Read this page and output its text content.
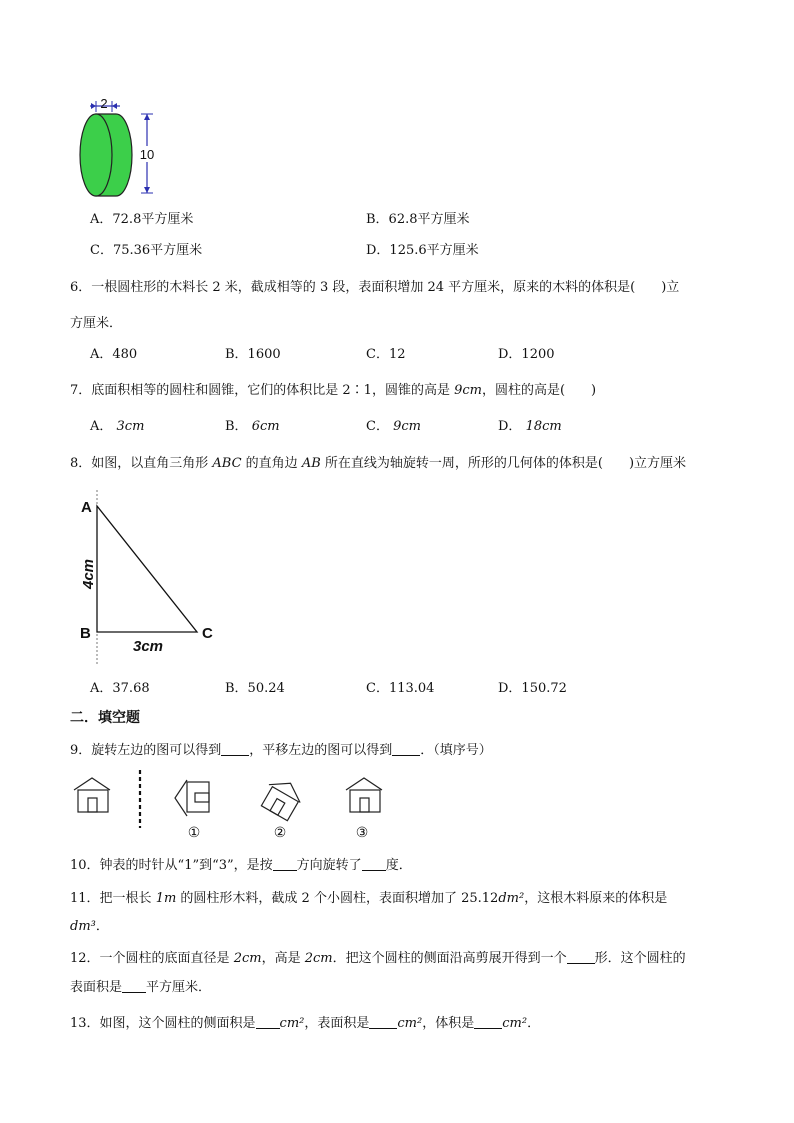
2
10
A．72.8平方厘米	B．62.8平方厘米
C．75.36平方厘米	D．125.6平方厘米
6．一根圆柱形的木料长 2 米，截成相等的 3 段，表面积增加 24 平方厘米，原来的木料的体积是( )立
方厘米．
A．480	B．1600	C．12	D．1200
7．底面积相等的圆柱和圆锥，它们的体积比是 2∶1，圆锥的高是 9cm，圆柱的高是( )
A． 3cm	B． 6cm	C． 9cm	D． 18cm
8．如图，以直角三角形 ABC 的直角边 AB 所在直线为轴旋转一周，所形的几何体的体积是( )立方厘米
A
B	C
4cm
3cm
A．37.68	B．50.24	C．113.04	D．150.72
二．填空题
9．旋转左边的图可以得到 ，平移左边的图可以得到 ．（填序号）
①	②	③
10．钟表的时针从“1”到“3”，是按 方向旋转了 度．
11．把一根长 1m 的圆柱形木料，截成 2 个小圆柱，表面积增加了 25.12dm²，这根木料原来的体积是
dm³．
12．一个圆柱的底面直径是 2cm，高是 2cm．把这个圆柱的侧面沿高剪展开得到一个 形．这个圆柱的
表面积是 平方厘米．
13．如图，这个圆柱的侧面积是 cm²，表面积是 cm²，体积是 cm²．
